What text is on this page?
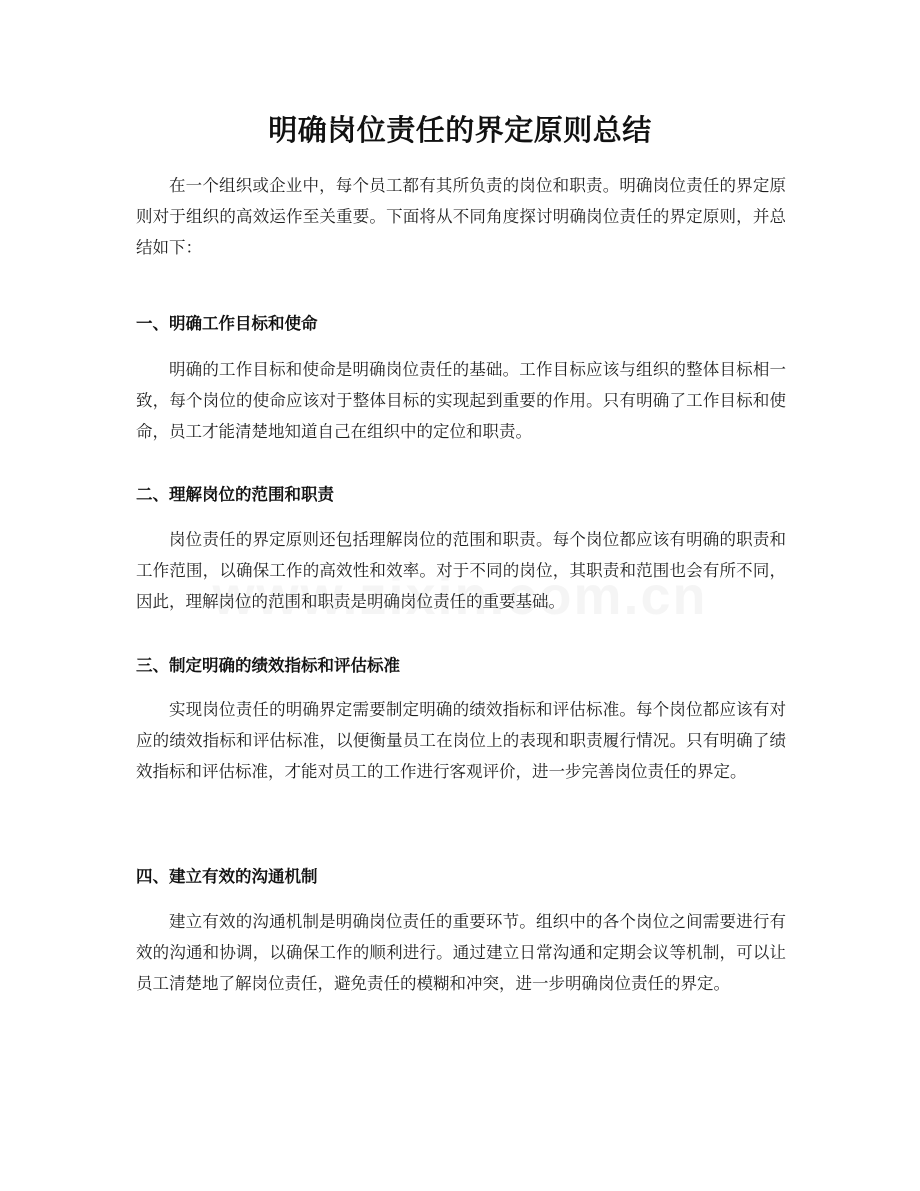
明确岗位责任的界定原则总结

在一个组织或企业中，每个员工都有其所负责的岗位和职责。明确岗位责任的界定原则对于组织的高效运作至关重要。下面将从不同角度探讨明确岗位责任的界定原则，并总结如下：

一、明确工作目标和使命

明确的工作目标和使命是明确岗位责任的基础。工作目标应该与组织的整体目标相一致，每个岗位的使命应该对于整体目标的实现起到重要的作用。只有明确了工作目标和使命，员工才能清楚地知道自己在组织中的定位和职责。

二、理解岗位的范围和职责

岗位责任的界定原则还包括理解岗位的范围和职责。每个岗位都应该有明确的职责和工作范围，以确保工作的高效性和效率。对于不同的岗位，其职责和范围也会有所不同，因此，理解岗位的范围和职责是明确岗位责任的重要基础。

三、制定明确的绩效指标和评估标准

实现岗位责任的明确界定需要制定明确的绩效指标和评估标准。每个岗位都应该有对应的绩效指标和评估标准，以便衡量员工在岗位上的表现和职责履行情况。只有明确了绩效指标和评估标准，才能对员工的工作进行客观评价，进一步完善岗位责任的界定。

四、建立有效的沟通机制

建立有效的沟通机制是明确岗位责任的重要环节。组织中的各个岗位之间需要进行有效的沟通和协调，以确保工作的顺利进行。通过建立日常沟通和定期会议等机制，可以让员工清楚地了解岗位责任，避免责任的模糊和冲突，进一步明确岗位责任的界定。
